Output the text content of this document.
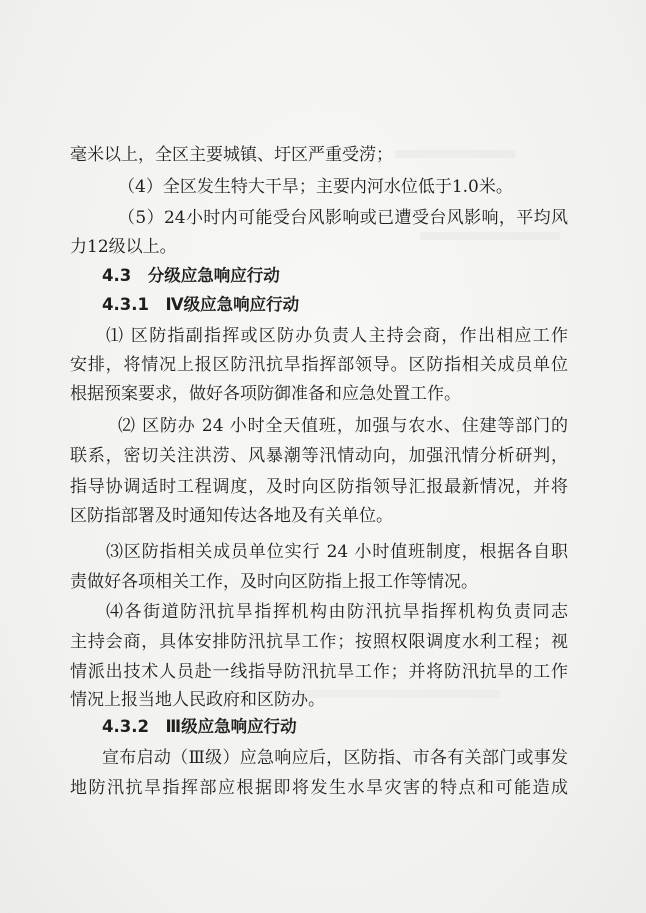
毫米以上，全区主要城镇、圩区严重受涝；
（4）全区发生特大干旱；主要内河水位低于1.0米。
（5）24小时内可能受台风影响或已遭受台风影响，平均风
力12级以上。
4.3　分级应急响应行动
4.3.1　Ⅳ级应急响应行动
⑴ 区防指副指挥或区防办负责人主持会商，作出相应工作
安排，将情况上报区防汛抗旱指挥部领导。区防指相关成员单位
根据预案要求，做好各项防御准备和应急处置工作。
⑵ 区防办 24 小时全天值班，加强与农水、住建等部门的
联系，密切关注洪涝、风暴潮等汛情动向，加强汛情分析研判，
指导协调适时工程调度，及时向区防指领导汇报最新情况，并将
区防指部署及时通知传达各地及有关单位。
⑶区防指相关成员单位实行 24 小时值班制度，根据各自职
责做好各项相关工作，及时向区防指上报工作等情况。
⑷各街道防汛抗旱指挥机构由防汛抗旱指挥机构负责同志
主持会商，具体安排防汛抗旱工作；按照权限调度水利工程；视
情派出技术人员赴一线指导防汛抗旱工作；并将防汛抗旱的工作
情况上报当地人民政府和区防办。
4.3.2　Ⅲ级应急响应行动
宣布启动（Ⅲ级）应急响应后，区防指、市各有关部门或事发
地防汛抗旱指挥部应根据即将发生水旱灾害的特点和可能造成
